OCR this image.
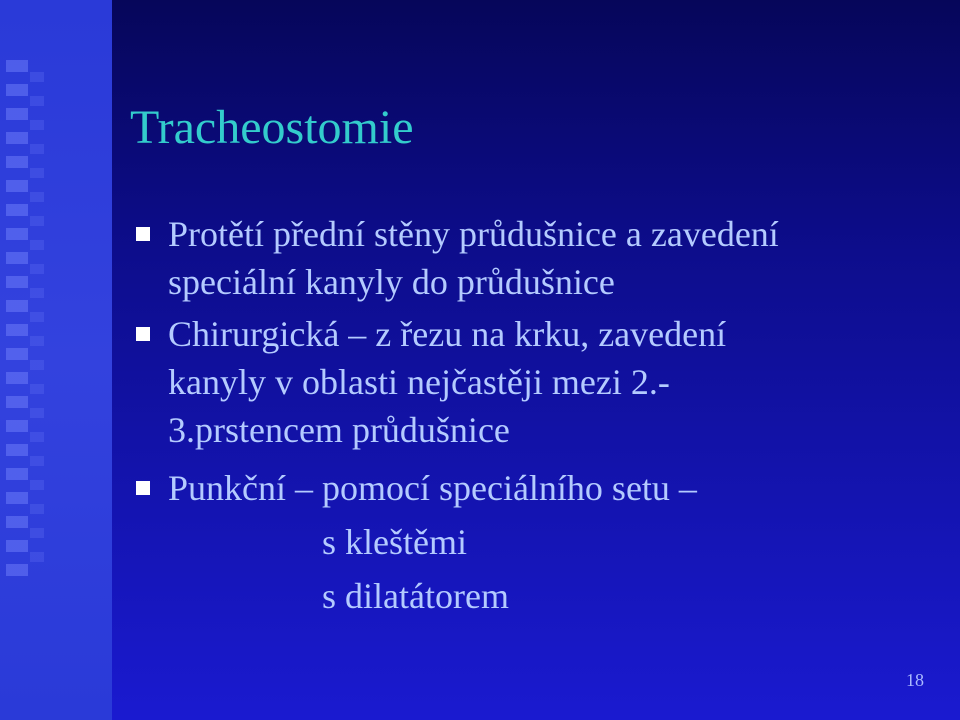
Tracheostomie
Protětí přední stěny průdušnice a zavedení
speciální kanyly do průdušnice
Chirurgická – z řezu na krku, zavedení
kanyly v oblasti nejčastěji mezi 2.-
3.prstencem průdušnice
Punkční – pomocí speciálního setu –
s kleštěmi
s dilatátorem
18
